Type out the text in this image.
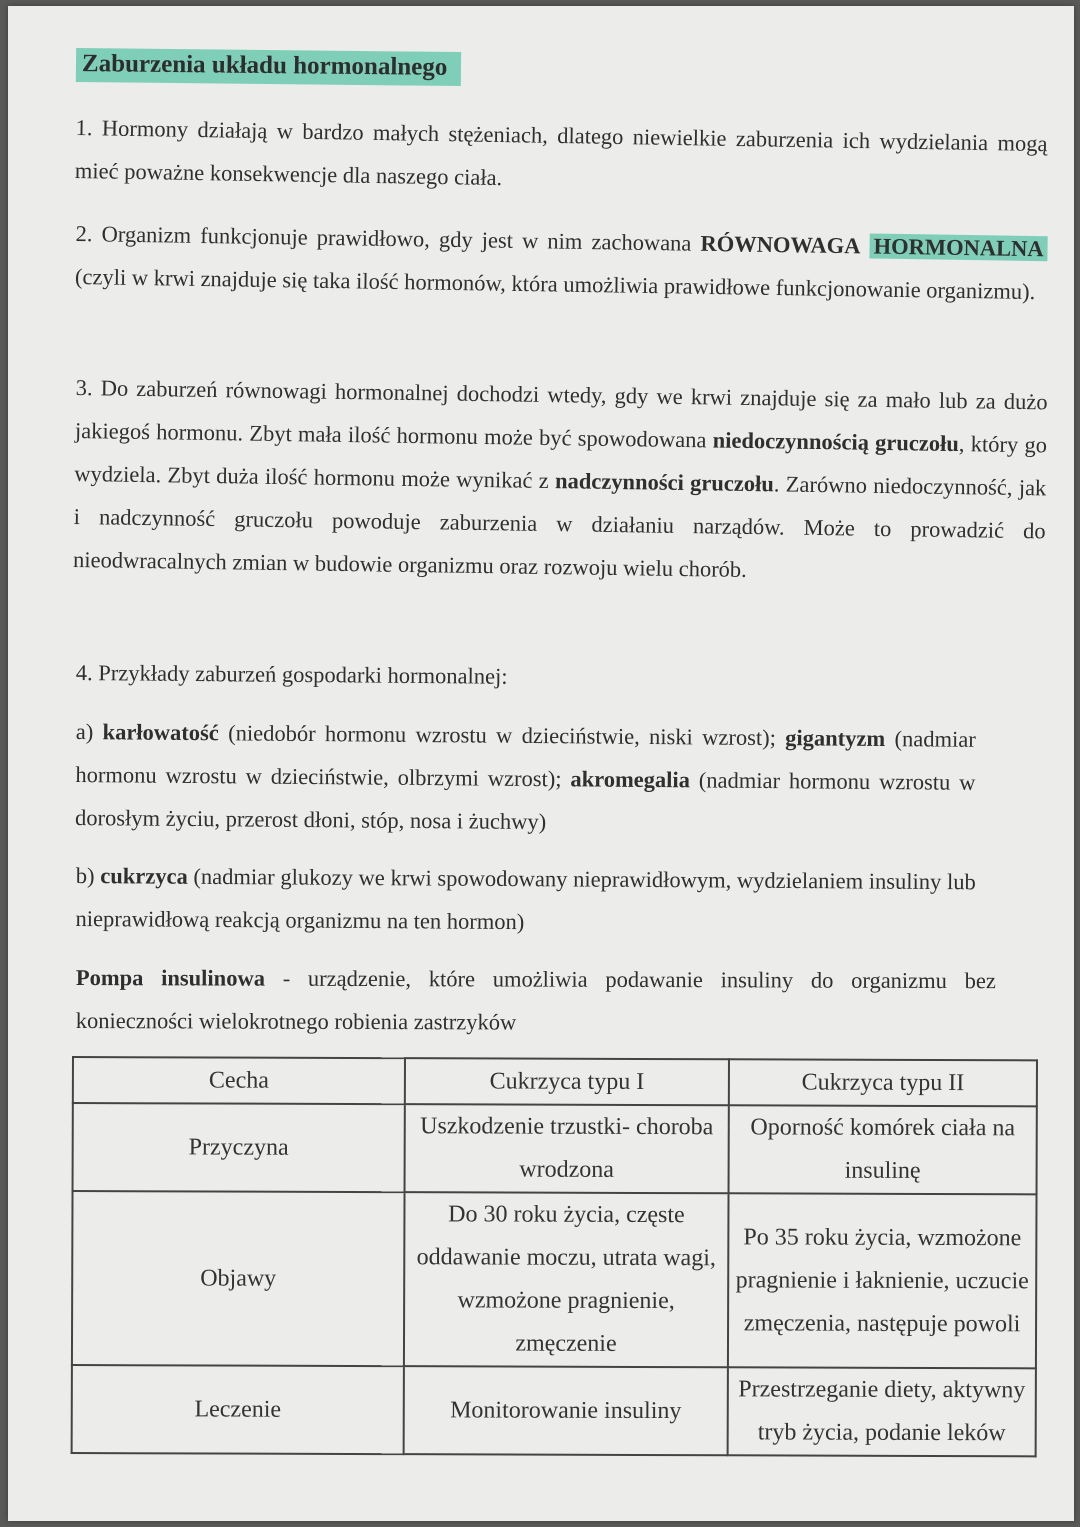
Zaburzenia układu hormonalnego
1. Hormony działają w bardzo małych stężeniach, dlatego niewielkie zaburzenia ich wydzielania mogą mieć poważne konsekwencje dla naszego ciała.
2. Organizm funkcjonuje prawidłowo, gdy jest w nim zachowana RÓWNOWAGA HORMONALNA (czyli w krwi znajduje się taka ilość hormonów, która umożliwia prawidłowe funkcjonowanie organizmu).
3. Do zaburzeń równowagi hormonalnej dochodzi wtedy, gdy we krwi znajduje się za mało lub za dużo jakiegoś hormonu. Zbyt mała ilość hormonu może być spowodowana niedoczynnością gruczołu, który go wydziela. Zbyt duża ilość hormonu może wynikać z nadczynności gruczołu. Zarówno niedoczynność, jak i nadczynność gruczołu powoduje zaburzenia w działaniu narządów. Może to prowadzić do nieodwracalnych zmian w budowie organizmu oraz rozwoju wielu chorób.
4. Przykłady zaburzeń gospodarki hormonalnej:
a) karłowatość (niedobór hormonu wzrostu w dzieciństwie, niski wzrost); gigantyzm (nadmiar hormonu wzrostu w dzieciństwie, olbrzymi wzrost); akromegalia (nadmiar hormonu wzrostu w dorosłym życiu, przerost dłoni, stóp, nosa i żuchwy)
b) cukrzyca (nadmiar glukozy we krwi spowodowany nieprawidłowym, wydzielaniem insuliny lub nieprawidłową reakcją organizmu na ten hormon)
Pompa insulinowa - urządzenie, które umożliwia podawanie insuliny do organizmu bez konieczności wielokrotnego robienia zastrzyków
Cecha	Cukrzyca typu I	Cukrzyca typu II
Przyczyna	Uszkodzenie trzustki- choroba wrodzona	Oporność komórek ciała na insulinę
Objawy	Do 30 roku życia, częste oddawanie moczu, utrata wagi, wzmożone pragnienie, zmęczenie	Po 35 roku życia, wzmożone pragnienie i łaknienie, uczucie zmęczenia, następuje powoli
Leczenie	Monitorowanie insuliny	Przestrzeganie diety, aktywny tryb życia, podanie leków
